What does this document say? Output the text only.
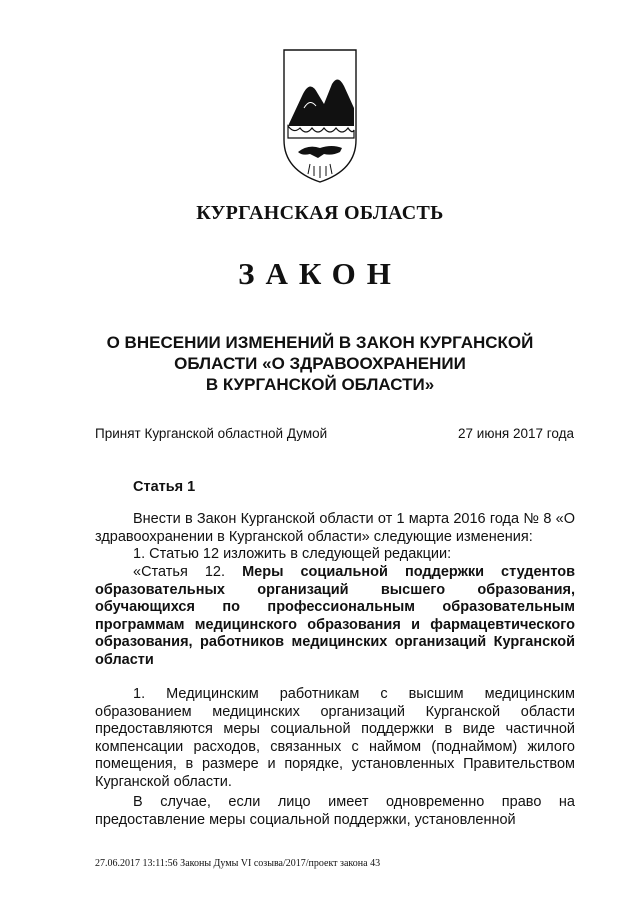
КУРГАНСКАЯ ОБЛАСТЬ
ЗАКОН
О ВНЕСЕНИИ ИЗМЕНЕНИЙ В ЗАКОН КУРГАНСКОЙ
ОБЛАСТИ «О ЗДРАВООХРАНЕНИИ
В КУРГАНСКОЙ ОБЛАСТИ»
Принят Курганской областной Думой	27 июня 2017 года
Статья 1
Внести в Закон Курганской области от 1 марта 2016 года № 8 «О здравоохранении в Курганской области» следующие изменения:
1. Статью 12 изложить в следующей редакции:
«Статья 12. Меры социальной поддержки студентов образовательных организаций высшего образования, обучающихся по профессиональным образовательным программам медицинского образования и фармацевтического образования, работников медицинских организаций Курганской области
1. Медицинским работникам с высшим медицинским образованием медицинских организаций Курганской области предоставляются меры социальной поддержки в виде частичной компенсации расходов, связанных с наймом (поднаймом) жилого помещения, в размере и порядке, установленных Правительством Курганской области.
В случае, если лицо имеет одновременно право на предоставление меры социальной поддержки, установленной
27.06.2017 13:11:56 Законы Думы VI созыва/2017/проект закона 43
